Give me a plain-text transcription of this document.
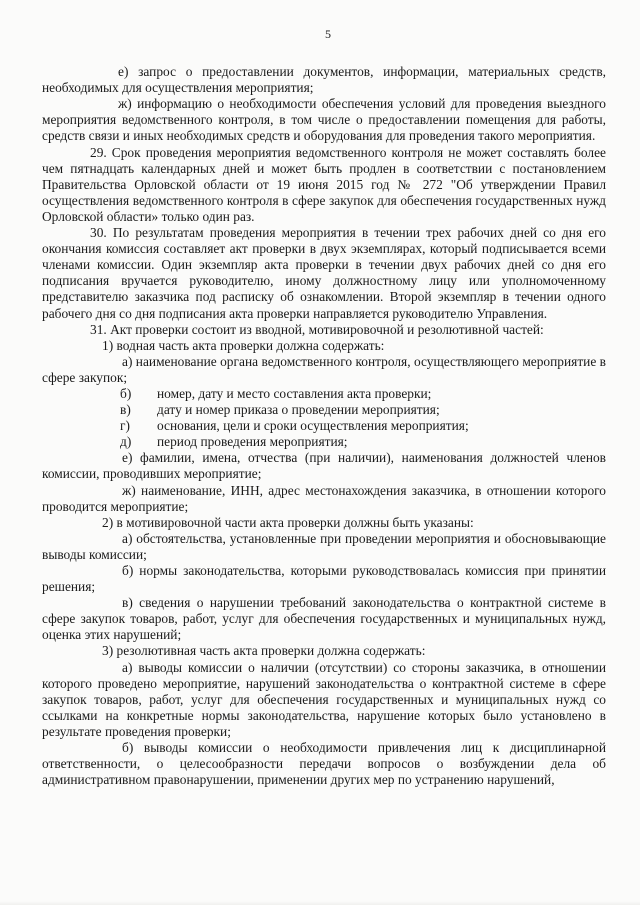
5

е) запрос о предоставлении документов, информации, материальных средств, необходимых для осуществления мероприятия;

ж) информацию о необходимости обеспечения условий для проведения выездного мероприятия ведомственного контроля, в том числе о предоставлении помещения для работы, средств связи и иных необходимых средств и оборудования для проведения такого мероприятия.

29. Срок проведения мероприятия ведомственного контроля не может составлять более чем пятнадцать календарных дней и может быть продлен в соответствии с постановлением Правительства Орловской области от 19 июня 2015 год № 272 "Об утверждении Правил осуществления ведомственного контроля в сфере закупок для обеспечения государственных нужд Орловской области» только один раз.

30. По результатам проведения мероприятия в течении трех рабочих дней со дня его окончания комиссия составляет акт проверки в двух экземплярах, который подписывается всеми членами комиссии. Один экземпляр акта проверки в течении двух рабочих дней со дня его подписания вручается руководителю, иному должностному лицу или уполномоченному представителю заказчика под расписку об ознакомлении. Второй экземпляр в течении одного рабочего дня со дня подписания акта проверки направляется руководителю Управления.

31. Акт проверки состоит из вводной, мотивировочной и резолютивной частей:

1) водная часть акта проверки должна содержать:

а) наименование органа ведомственного контроля, осуществляющего мероприятие в сфере закупок;

б)	номер, дату и место составления акта проверки;
в)	дату и номер приказа о проведении мероприятия;
г)	основания, цели и сроки осуществления мероприятия;
д)	период проведения мероприятия;

е) фамилии, имена, отчества (при наличии), наименования должностей членов комиссии, проводивших мероприятие;

ж) наименование, ИНН, адрес местонахождения заказчика, в отношении которого проводится мероприятие;

2) в мотивировочной части акта проверки должны быть указаны:

а) обстоятельства, установленные при проведении мероприятия и обосновывающие выводы комиссии;

б) нормы законодательства, которыми руководствовалась комиссия при принятии решения;

в) сведения о нарушении требований законодательства о контрактной системе в сфере закупок товаров, работ, услуг для обеспечения государственных и муниципальных нужд, оценка этих нарушений;

3) резолютивная часть акта проверки должна содержать:

а) выводы комиссии о наличии (отсутствии) со стороны заказчика, в отношении которого проведено мероприятие, нарушений законодательства о контрактной системе в сфере закупок товаров, работ, услуг для обеспечения государственных и муниципальных нужд со ссылками на конкретные нормы законодательства, нарушение которых было установлено в результате проведения проверки;

б) выводы комиссии о необходимости привлечения лиц к дисциплинарной ответственности, о целесообразности передачи вопросов о возбуждении дела об административном правонарушении, применении других мер по устранению нарушений,
